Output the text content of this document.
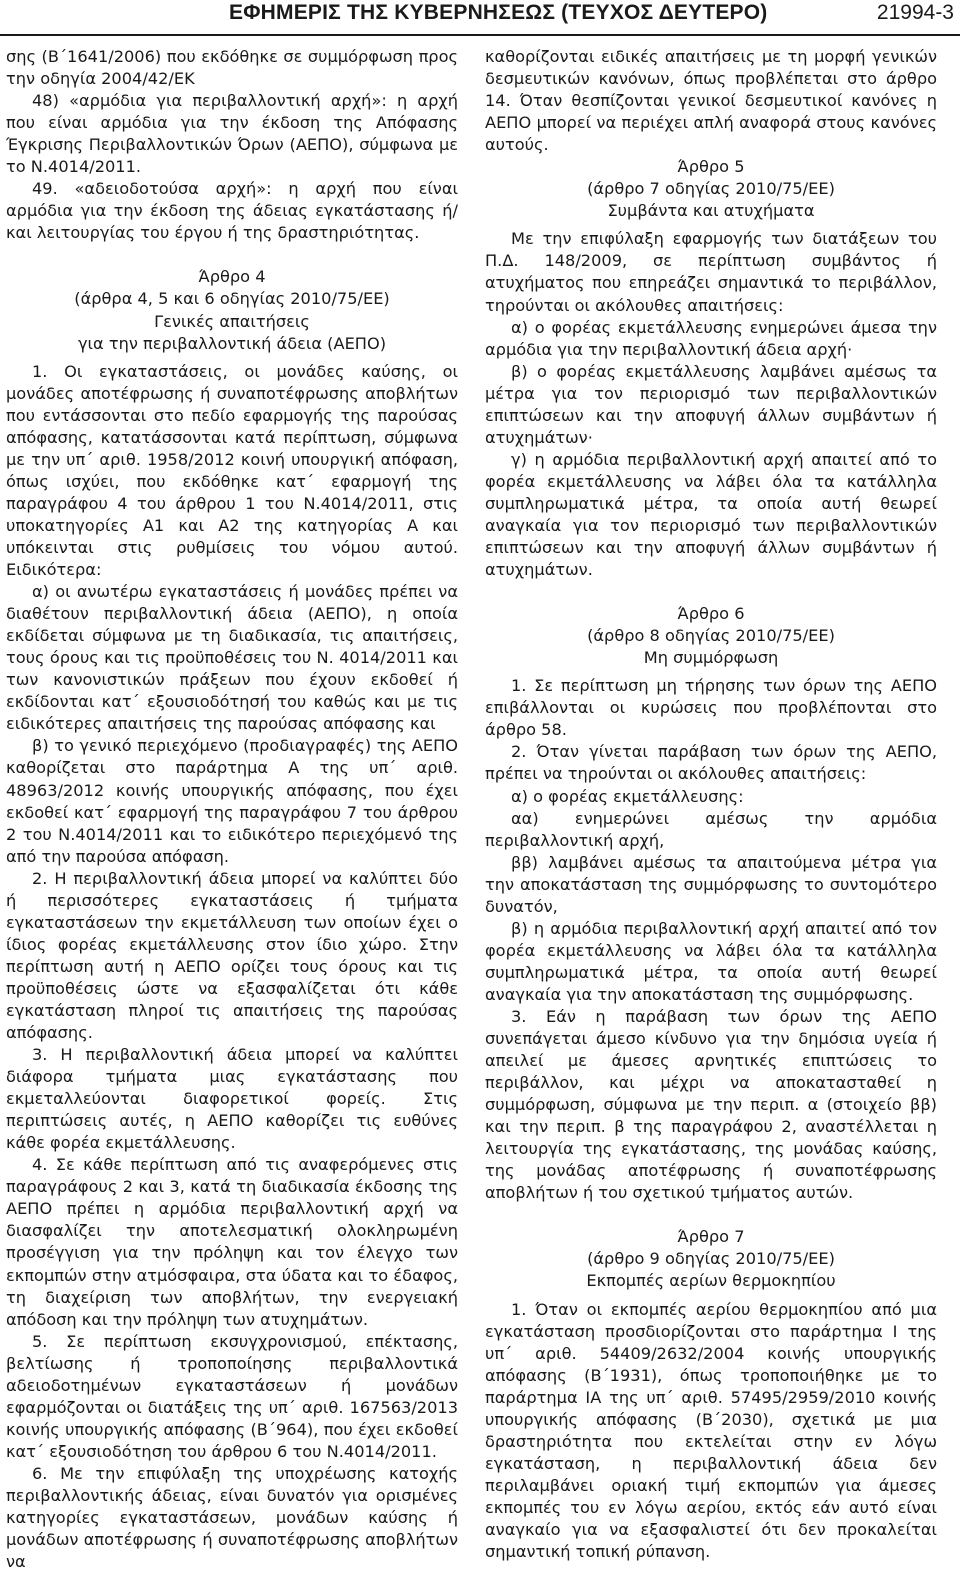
ΕΦΗΜΕΡΙΣ ΤΗΣ ΚΥΒΕΡΝΗΣΕΩΣ (ΤΕΥΧΟΣ ΔΕΥΤΕΡΟ)	21994-3

σης (Β΄1641/2006) που εκδόθηκε σε συμμόρφωση προς την οδηγία 2004/42/ΕΚ

48) «αρμόδια για περιβαλλοντική αρχή»: η αρχή που είναι αρμόδια για την έκδοση της Απόφασης Έγκρισης Περιβαλλοντικών Όρων (ΑΕΠΟ), σύμφωνα με το Ν.4014/2011.

49. «αδειοδοτούσα αρχή»: η αρχή που είναι αρμόδια για την έκδοση της άδειας εγκατάστασης ή/και λειτουργίας του έργου ή της δραστηριότητας.

Άρθρο 4
(άρθρα 4, 5 και 6 οδηγίας 2010/75/ΕΕ)
Γενικές απαιτήσεις
για την περιβαλλοντική άδεια (ΑΕΠΟ)

1. Οι εγκαταστάσεις, οι μονάδες καύσης, οι μονάδες αποτέφρωσης ή συναποτέφρωσης αποβλήτων που εντάσσονται στο πεδίο εφαρμογής της παρούσας απόφασης, κατατάσσονται κατά περίπτωση, σύμφωνα με την υπ΄ αριθ. 1958/2012 κοινή υπουργική απόφαση, όπως ισχύει, που εκδόθηκε κατ΄ εφαρμογή της παραγράφου 4 του άρθρου 1 του Ν.4014/2011, στις υποκατηγορίες Α1 και Α2 της κατηγορίας Α και υπόκεινται στις ρυθμίσεις του νόμου αυτού. Ειδικότερα:

α) οι ανωτέρω εγκαταστάσεις ή μονάδες πρέπει να διαθέτουν περιβαλλοντική άδεια (ΑΕΠΟ), η οποία εκδίδεται σύμφωνα με τη διαδικασία, τις απαιτήσεις, τους όρους και τις προϋποθέσεις του Ν. 4014/2011 και των κανονιστικών πράξεων που έχουν εκδοθεί ή εκδίδονται κατ΄ εξουσιοδότησή του καθώς και με τις ειδικότερες απαιτήσεις της παρούσας απόφασης και

β) το γενικό περιεχόμενο (προδιαγραφές) της ΑΕΠΟ καθορίζεται στο παράρτημα Α της υπ΄ αριθ. 48963/2012 κοινής υπουργικής απόφασης, που έχει εκδοθεί κατ΄ εφαρμογή της παραγράφου 7 του άρθρου 2 του Ν.4014/2011 και το ειδικότερο περιεχόμενό της από την παρούσα απόφαση.

2. Η περιβαλλοντική άδεια μπορεί να καλύπτει δύο ή περισσότερες εγκαταστάσεις ή τμήματα εγκαταστάσεων την εκμετάλλευση των οποίων έχει ο ίδιος φορέας εκμετάλλευσης στον ίδιο χώρο. Στην περίπτωση αυτή η ΑΕΠΟ ορίζει τους όρους και τις προϋποθέσεις ώστε να εξασφαλίζεται ότι κάθε εγκατάσταση πληροί τις απαιτήσεις της παρούσας απόφασης.

3. Η περιβαλλοντική άδεια μπορεί να καλύπτει διάφορα τμήματα μιας εγκατάστασης που εκμεταλλεύονται διαφορετικοί φορείς. Στις περιπτώσεις αυτές, η ΑΕΠΟ καθορίζει τις ευθύνες κάθε φορέα εκμετάλλευσης.

4. Σε κάθε περίπτωση από τις αναφερόμενες στις παραγράφους 2 και 3, κατά τη διαδικασία έκδοσης της ΑΕΠΟ πρέπει η αρμόδια περιβαλλοντική αρχή να διασφαλίζει την αποτελεσματική ολοκληρωμένη προσέγγιση για την πρόληψη και τον έλεγχο των εκπομπών στην ατμόσφαιρα, στα ύδατα και το έδαφος, τη διαχείριση των αποβλήτων, την ενεργειακή απόδοση και την πρόληψη των ατυχημάτων.

5. Σε περίπτωση εκσυγχρονισμού, επέκτασης, βελτίωσης ή τροποποίησης περιβαλλοντικά αδειοδοτημένων εγκαταστάσεων ή μονάδων εφαρμόζονται οι διατάξεις της υπ΄ αριθ. 167563/2013 κοινής υπουργικής απόφασης (Β΄964), που έχει εκδοθεί κατ΄ εξουσιοδότηση του άρθρου 6 του Ν.4014/2011.

6. Με την επιφύλαξη της υποχρέωσης κατοχής περιβαλλοντικής άδειας, είναι δυνατόν για ορισμένες κατηγορίες εγκαταστάσεων, μονάδων καύσης ή μονάδων αποτέφρωσης ή συναποτέφρωσης αποβλήτων να

καθορίζονται ειδικές απαιτήσεις με τη μορφή γενικών δεσμευτικών κανόνων, όπως προβλέπεται στο άρθρο 14. Όταν θεσπίζονται γενικοί δεσμευτικοί κανόνες η ΑΕΠΟ μπορεί να περιέχει απλή αναφορά στους κανόνες αυτούς.

Άρθρο 5
(άρθρο 7 οδηγίας 2010/75/ΕΕ)
Συμβάντα και ατυχήματα

Με την επιφύλαξη εφαρμογής των διατάξεων του Π.Δ. 148/2009, σε περίπτωση συμβάντος ή ατυχήματος που επηρεάζει σημαντικά το περιβάλλον, τηρούνται οι ακόλουθες απαιτήσεις:

α) ο φορέας εκμετάλλευσης ενημερώνει άμεσα την αρμόδια για την περιβαλλοντική άδεια αρχή·

β) ο φορέας εκμετάλλευσης λαμβάνει αμέσως τα μέτρα για τον περιορισμό των περιβαλλοντικών επιπτώσεων και την αποφυγή άλλων συμβάντων ή ατυχημάτων·

γ) η αρμόδια περιβαλλοντική αρχή απαιτεί από το φορέα εκμετάλλευσης να λάβει όλα τα κατάλληλα συμπληρωματικά μέτρα, τα οποία αυτή θεωρεί αναγκαία για τον περιορισμό των περιβαλλοντικών επιπτώσεων και την αποφυγή άλλων συμβάντων ή ατυχημάτων.

Άρθρο 6
(άρθρο 8 οδηγίας 2010/75/ΕΕ)
Μη συμμόρφωση

1. Σε περίπτωση μη τήρησης των όρων της ΑΕΠΟ επιβάλλονται οι κυρώσεις που προβλέπονται στο άρθρο 58.

2. Όταν γίνεται παράβαση των όρων της ΑΕΠΟ, πρέπει να τηρούνται οι ακόλουθες απαιτήσεις:

α) ο φορέας εκμετάλλευσης:

αα) ενημερώνει αμέσως την αρμόδια περιβαλλοντική αρχή,

ββ) λαμβάνει αμέσως τα απαιτούμενα μέτρα για την αποκατάσταση της συμμόρφωσης το συντομότερο δυνατόν,

β) η αρμόδια περιβαλλοντική αρχή απαιτεί από τον φορέα εκμετάλλευσης να λάβει όλα τα κατάλληλα συμπληρωματικά μέτρα, τα οποία αυτή θεωρεί αναγκαία για την αποκατάσταση της συμμόρφωσης.

3. Εάν η παράβαση των όρων της ΑΕΠΟ συνεπάγεται άμεσο κίνδυνο για την δημόσια υγεία ή απειλεί με άμεσες αρνητικές επιπτώσεις το περιβάλλον, και μέχρι να αποκατασταθεί η συμμόρφωση, σύμφωνα με την περιπ. α (στοιχείο ββ) και την περιπ. β της παραγράφου 2, αναστέλλεται η λειτουργία της εγκατάστασης, της μονάδας καύσης, της μονάδας αποτέφρωσης ή συναποτέφρωσης αποβλήτων ή του σχετικού τμήματος αυτών.

Άρθρο 7
(άρθρο 9 οδηγίας 2010/75/ΕΕ)
Εκπομπές αερίων θερμοκηπίου

1. Όταν οι εκπομπές αερίου θερμοκηπίου από μια εγκατάσταση προσδιορίζονται στο παράρτημα Ι της υπ΄ αριθ. 54409/2632/2004 κοινής υπουργικής απόφασης (Β΄1931), όπως τροποποιήθηκε με το παράρτημα ΙΑ της υπ΄ αριθ. 57495/2959/2010 κοινής υπουργικής απόφασης (Β΄2030), σχετικά με μια δραστηριότητα που εκτελείται στην εν λόγω εγκατάσταση, η περιβαλλοντική άδεια δεν περιλαμβάνει οριακή τιμή εκπομπών για άμεσες εκπομπές του εν λόγω αερίου, εκτός εάν αυτό είναι αναγκαίο για να εξασφαλιστεί ότι δεν προκαλείται σημαντική τοπική ρύπανση.
